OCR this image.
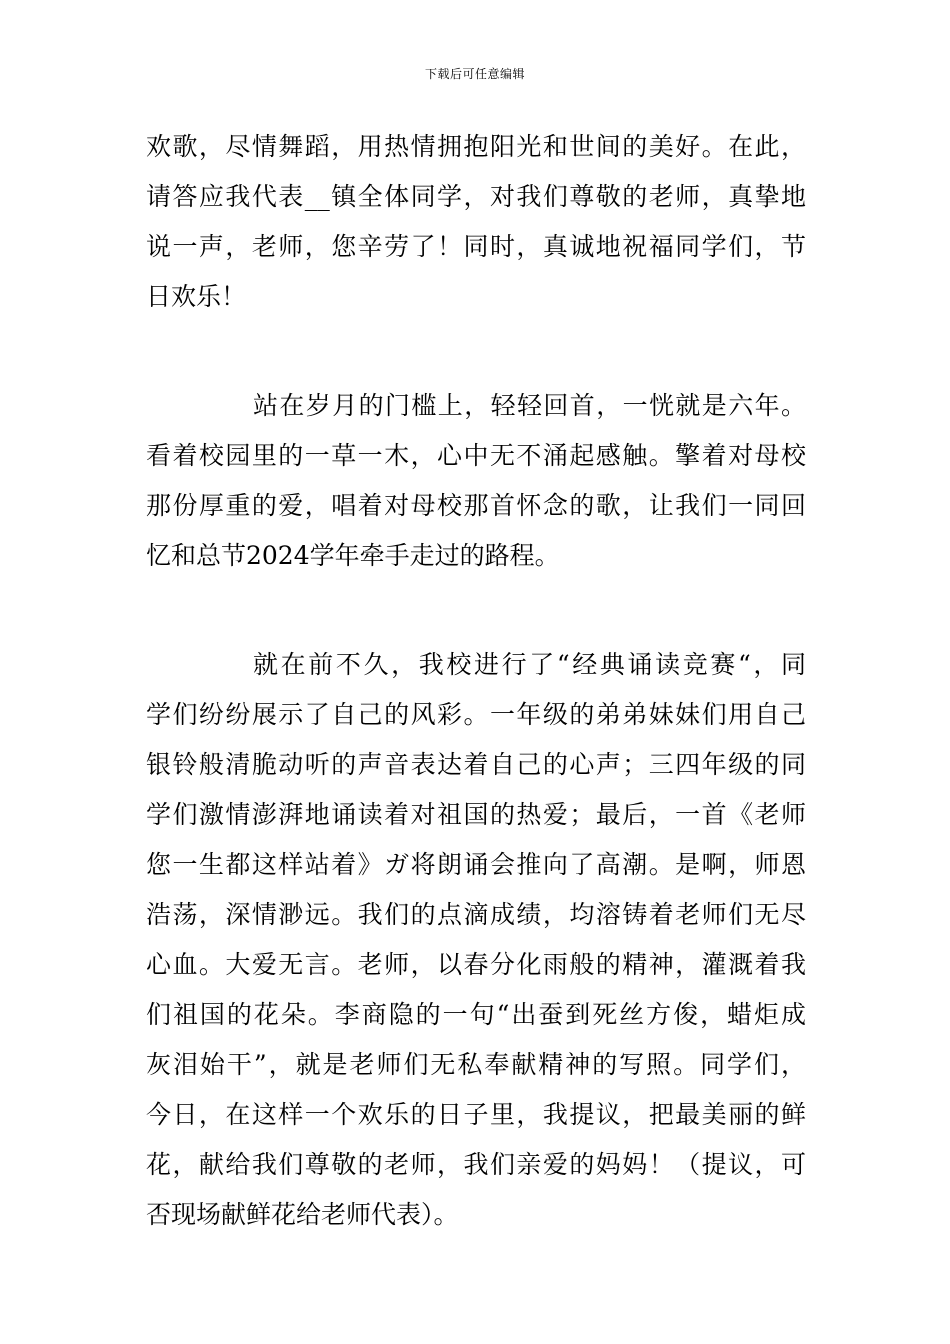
下载后可任意编辑
欢歌，尽情舞蹈，用热情拥抱阳光和世间的美好。在此，
请答应我代表__镇全体同学，对我们尊敬的老师，真挚地
说一声，老师，您辛劳了！同时，真诚地祝福同学们，节
日欢乐！
站在岁月的门槛上，轻轻回首，一恍就是六年。
看着校园里的一草一木，心中无不涌起感触。擎着对母校
那份厚重的爱，唱着对母校那首怀念的歌，让我们一同回
忆和总节2024学年牵手走过的路程。
就在前不久，我校进行了“经典诵读竞赛“，同
学们纷纷展示了自己的风彩。一年级的弟弟妹妹们用自己
银铃般清脆动听的声音表达着自己的心声；三四年级的同
学们激情澎湃地诵读着对祖国的热爱；最后，一首《老师
您一生都这样站着》ガ将朗诵会推向了高潮。是啊，师恩
浩荡，深情渺远。我们的点滴成绩，均溶铸着老师们无尽
心血。大爱无言。老师，以春分化雨般的精神，灌溉着我
们祖国的花朵。李商隐的一句“出蚕到死丝方俊，蜡炬成
灰泪始干”，就是老师们无私奉献精神的写照。同学们，
今日，在这样一个欢乐的日子里，我提议，把最美丽的鲜
花，献给我们尊敬的老师，我们亲爱的妈妈！（提议，可
否现场献鲜花给老师代表）。
